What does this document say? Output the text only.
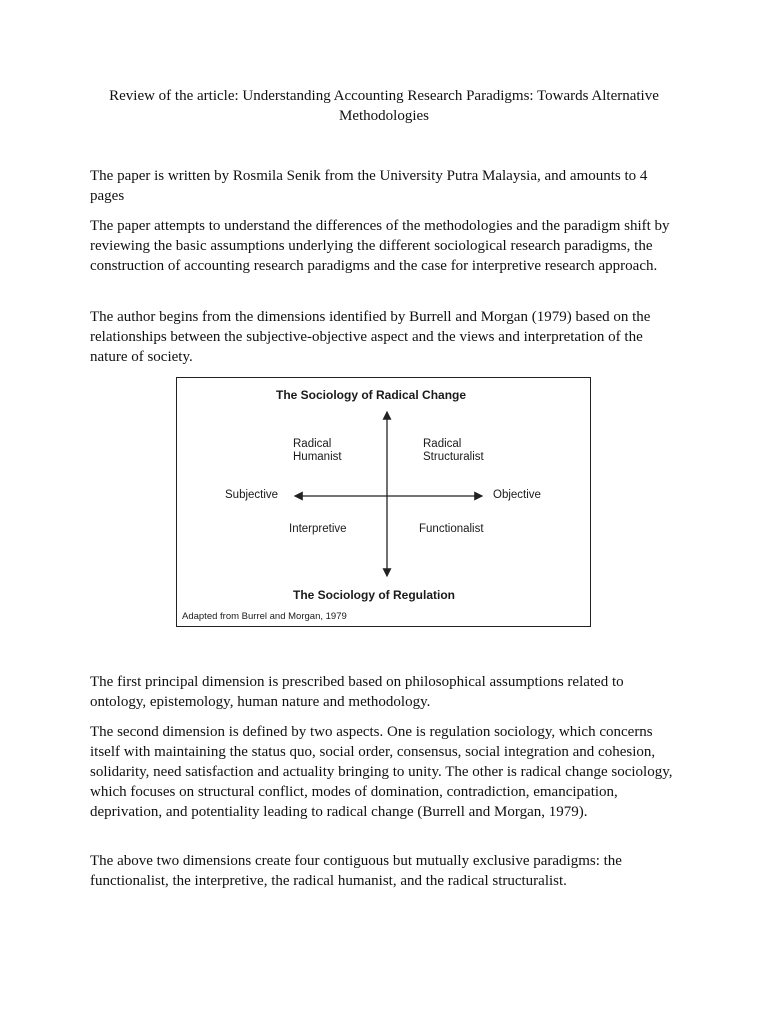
Review of the article: Understanding Accounting Research Paradigms: Towards Alternative Methodologies

The paper is written by Rosmila Senik from the University Putra Malaysia, and amounts to 4 pages

The paper attempts to understand the differences of the methodologies and the paradigm shift by reviewing the basic assumptions underlying the different sociological research paradigms, the construction of accounting research paradigms and the case for interpretive research approach.

The author begins from the dimensions identified by Burrell and Morgan (1979) based on the relationships between the subjective-objective aspect and the views and interpretation of the nature of society.

The Sociology of Radical Change
Radical
Humanist
Radical
Structuralist
Subjective	Objective
Interpretive	Functionalist
The Sociology of Regulation
Adapted from Burrel and Morgan, 1979

The first principal dimension is prescribed based on philosophical assumptions related to ontology, epistemology, human nature and methodology.

The second dimension is defined by two aspects. One is regulation sociology, which concerns itself with maintaining the status quo, social order, consensus, social integration and cohesion, solidarity, need satisfaction and actuality bringing to unity. The other is radical change sociology, which focuses on structural conflict, modes of domination, contradiction, emancipation, deprivation, and potentiality leading to radical change (Burrell and Morgan, 1979).

The above two dimensions create four contiguous but mutually exclusive paradigms: the functionalist, the interpretive, the radical humanist, and the radical structuralist.
